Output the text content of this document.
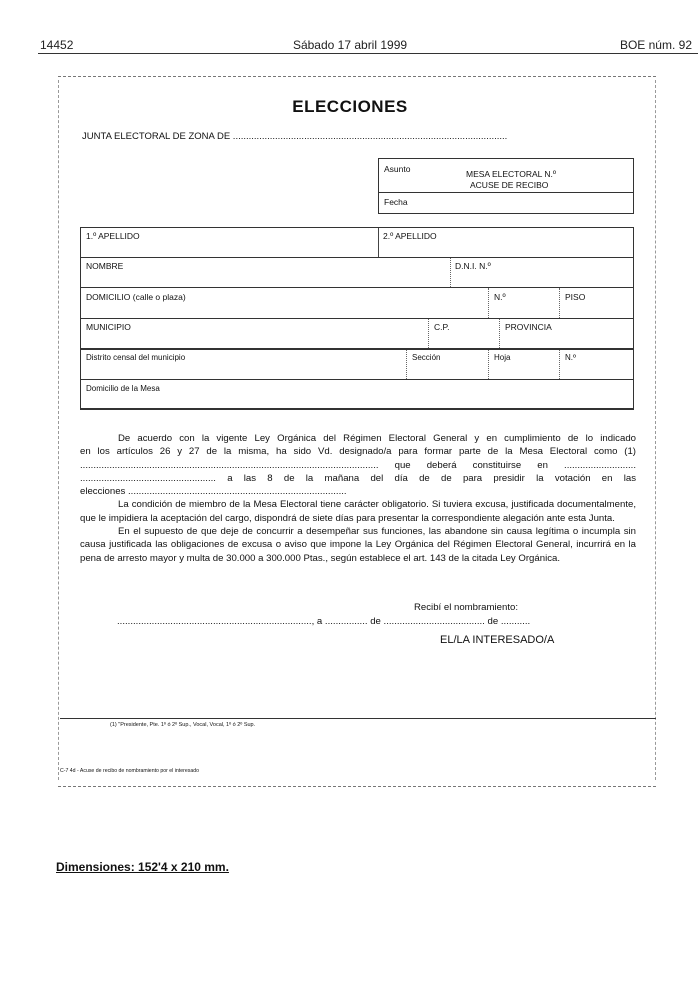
14452	Sábado 17 abril 1999	BOE núm. 92
ELECCIONES
JUNTA ELECTORAL DE ZONA DE ........................................................................................................
Asunto	MESA ELECTORAL N.º
ACUSE DE RECIBO
Fecha
1.º APELLIDO	2.º APELLIDO
NOMBRE	D.N.I. N.º
DOMICILIO (calle o plaza)	N.º	PISO
MUNICIPIO	C.P.	PROVINCIA
Distrito censal del municipio	Sección	Hoja	N.º
Domicilio de la Mesa
De acuerdo con la vigente Ley Orgánica del Régimen Electoral General y en cumplimiento de lo indicado
en los artículos 26 y 27 de la misma, ha sido Vd. designado/a para formar parte de la Mesa Electoral como (1)
................................................................................................................ que deberá constituirse en ...........................
................................................... a las 8 de la mañana del día de de para presidir la votación en las
elecciones ..................................................................................

La condición de miembro de la Mesa Electoral tiene carácter obligatorio. Si tuviera excusa, justificada documentalmente, que le impidiera la aceptación del cargo, dispondrá de siete días para presentar la correspondiente alegación ante esta Junta.

En el supuesto de que deje de concurrir a desempeñar sus funciones, las abandone sin causa legítima o incumpla sin causa justificada las obligaciones de excusa o aviso que impone la Ley Orgánica del Régimen Electoral General, incurrirá en la pena de arresto mayor y multa de 30.000 a 300.000 Ptas., según establece el art. 143 de la citada Ley Orgánica.

Recibí el nombramiento:
........................................................................., a ................ de ...................................... de ...........
EL/LA INTERESADO/A
(1) "Presidente, Pte. 1º ó 2º Sup., Vocal, Vocal, 1º ó 2º Sup.
C-7 4d - Acuse de recibo de nombramiento por el interesado
Dimensiones: 152'4 x 210 mm.
